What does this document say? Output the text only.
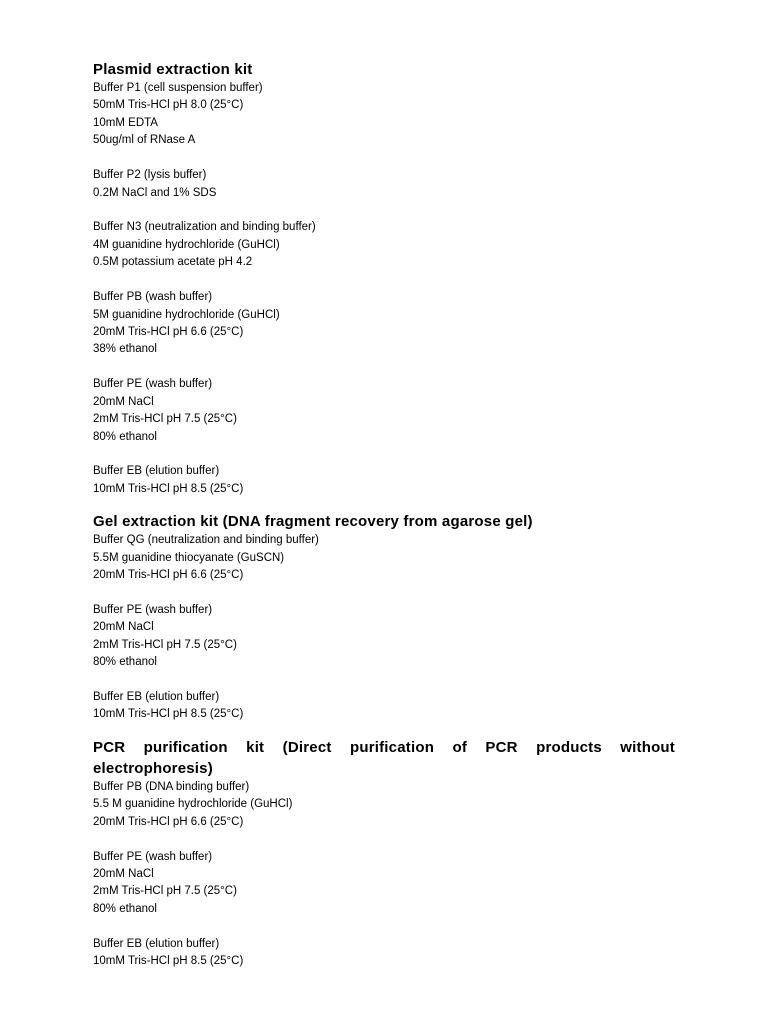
Plasmid extraction kit

Buffer P1 (cell suspension buffer)

50mM Tris-HCl pH 8.0 (25°C)

10mM EDTA

50ug/ml of RNase A

Buffer P2 (lysis buffer)

0.2M NaCl and 1% SDS

Buffer N3 (neutralization and binding buffer)

4M guanidine hydrochloride (GuHCl)

0.5M potassium acetate pH 4.2

Buffer PB (wash buffer)

5M guanidine hydrochloride (GuHCl)

20mM Tris-HCl pH 6.6 (25°C)

38% ethanol

Buffer PE (wash buffer)

20mM NaCl

2mM Tris-HCl pH 7.5 (25°C)

80% ethanol

Buffer EB (elution buffer)

10mM Tris-HCl pH 8.5 (25°C)

Gel extraction kit (DNA fragment recovery from agarose gel)

Buffer QG (neutralization and binding buffer)

5.5M guanidine thiocyanate (GuSCN)

20mM Tris-HCl pH 6.6 (25°C)

Buffer PE (wash buffer)

20mM NaCl

2mM Tris-HCl pH 7.5 (25°C)

80% ethanol

Buffer EB (elution buffer)

10mM Tris-HCl pH 8.5 (25°C)

PCR purification kit (Direct purification of PCR products without electrophoresis)

Buffer PB (DNA binding buffer)

5.5 M guanidine hydrochloride (GuHCl)

20mM Tris-HCl pH 6.6 (25°C)

Buffer PE (wash buffer)

20mM NaCl

2mM Tris-HCl pH 7.5 (25°C)

80% ethanol

Buffer EB (elution buffer)

10mM Tris-HCl pH 8.5 (25°C)
